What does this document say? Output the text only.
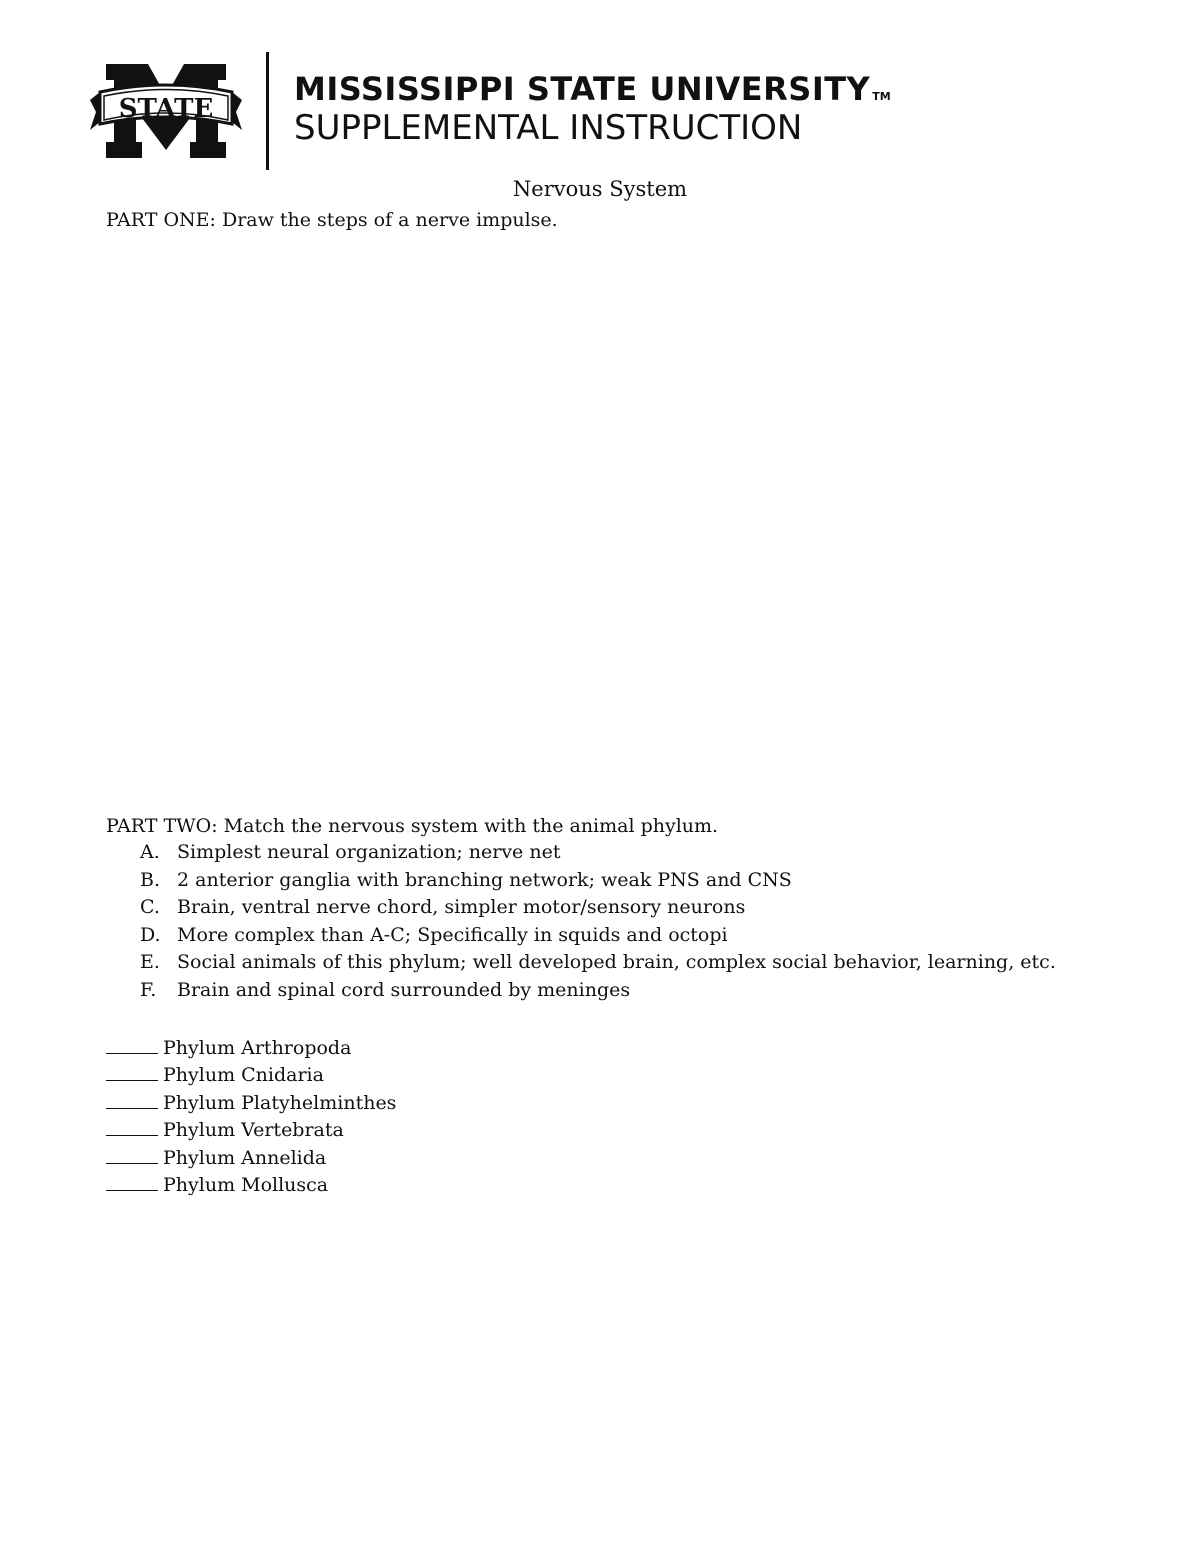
STATE
MISSISSIPPI STATE UNIVERSITY TM
SUPPLEMENTAL INSTRUCTION
Nervous System
PART ONE: Draw the steps of a nerve impulse.
PART TWO: Match the nervous system with the animal phylum.
A. Simplest neural organization; nerve net
B. 2 anterior ganglia with branching network; weak PNS and CNS
C. Brain, ventral nerve chord, simpler motor/sensory neurons
D. More complex than A-C; Specifically in squids and octopi
E. Social animals of this phylum; well developed brain, complex social behavior, learning, etc.
F.	Brain and spinal cord surrounded by meninges
Phylum Arthropoda
Phylum Cnidaria
Phylum Platyhelminthes
Phylum Vertebrata
Phylum Annelida
Phylum Mollusca
